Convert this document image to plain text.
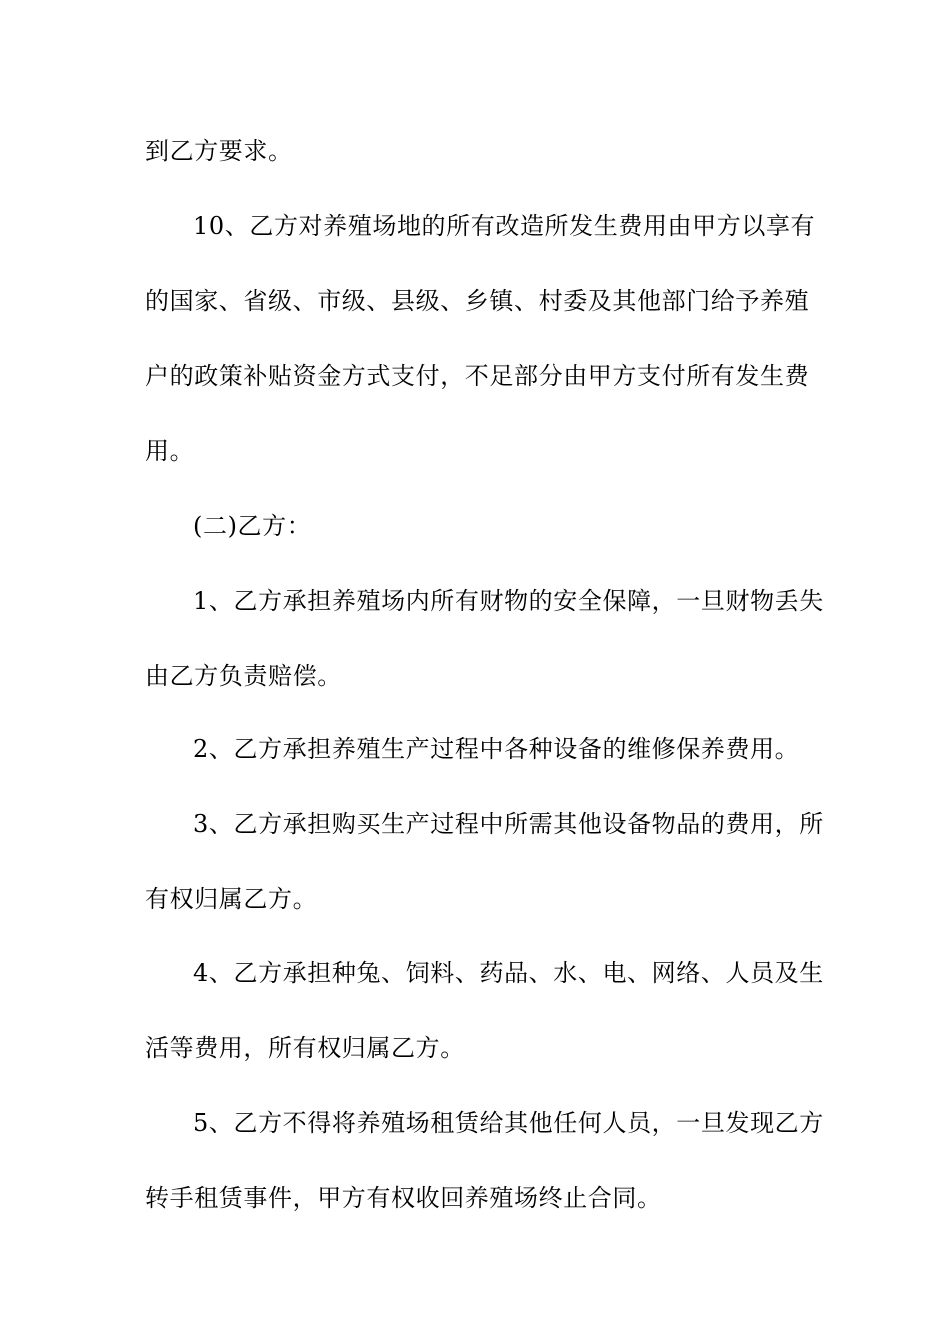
到乙方要求。
10、乙方对养殖场地的所有改造所发生费用由甲方以享有
的国家、省级、市级、县级、乡镇、村委及其他部门给予养殖
户的政策补贴资金方式支付，不足部分由甲方支付所有发生费
用。
(二)乙方：
1、乙方承担养殖场内所有财物的安全保障，一旦财物丢失
由乙方负责赔偿。
2、乙方承担养殖生产过程中各种设备的维修保养费用。
3、乙方承担购买生产过程中所需其他设备物品的费用，所
有权归属乙方。
4、乙方承担种兔、饲料、药品、水、电、网络、人员及生
活等费用，所有权归属乙方。
5、乙方不得将养殖场租赁给其他任何人员，一旦发现乙方
转手租赁事件，甲方有权收回养殖场终止合同。
